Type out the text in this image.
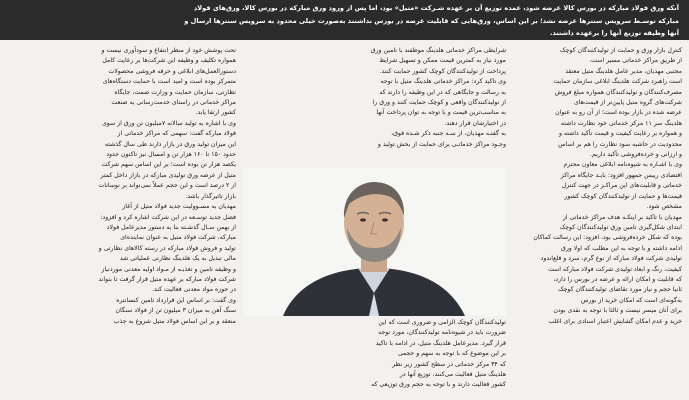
آنکه ورق فولاد مبارکه در بورس کالا عرضه شود، عمده توزیع آن بر عهده شـرکت «متیل» بود، اما پس از ورود ورق مبارکه در بورس کالا، ورق‌های فولاد
مبارکه توسـط سرویس سنترها عرضه نشد؛ بر این اساس، ورق‌هایی که قابلیت عرضه در بورس نداشتند به‌صورت خیلی محدود به سرویس سنترها ارسال و
آنها وظیفه توزیع آنها را برعهده داشتند.
کنترل بازار ورق و حمایت از تولیدکنندگان کوچک
از طریق مراکز خدماتی مسیر است.
مجتبی مهدیان، مدیر عامل هلدینگ متیل معتقد
است راهبرد شرکت هلدینگ ابلاغی سازمان حمایت
مصرف‌کنندگان و تولیدکنندگان همواره مبلغ فروش
شرکت‌های گروه متیل پایین‌تر از قیمت‌های
عرضه شده در بازار بوده است؛ از آن رو به عنوان
هلدینگ سر ۱۱ مرکز خدماتی خود نظارت داشته
و همواره بر رعایت کیفیت و قیمت تأکید داشته و
محدودیت در حاشیه سود نظارت را هم بر اساس
و ارزانی و خرده‌فروشی تأکید داریم.
وی با اشـاره به شیوه‌نامه ابلاغی معاون محترم
اقتصادی رییس جمهور افزود: بایـد جایگاه مراکز
خدماتی و قابلیت‌های این مراکـز در جهت کنترل
قیمت‌ها و حمایت از تولیدکنندگان کوچک کشور
مشخص شود.
مهدیان با تاکید بر اینکـه هدف مراکز خدماتی از
ابتدای شکل‌گیری تامین ورق تولیدکنندگان کوچک
بوده که شکل خرده‌فروشی بود، افزود: این رسالت کماکان
ادامه داشته و با توجه به این مطلب که اولا ورق
تولیدی شرکت فولاد مبارکه از نوع گرم، سرد و قلع‌اندود
کیفیت، رنگ و ابعاد تولیدی شرکت فولاد مبارکه است
که قابلیت و امکان ارائه و عرضه در بورس را دارد،
ثانیا حجم و نیاز مورد تقاضای تولیدکنندگان کوچک
به‌گونه‌ای است که امکان خرید از بورس
برای آنان میسر نیست و ثالثا با توجه به نقدی بودن
خرید و عدم امکان گشایش اعتبار اسنادی برای اغلب
شرایطی مراکز خدماتی هلدینگ موظفند با تامین ورق
مورد نیاز به کمترین قیمت ممکن و تسهیل شرایط
پرداخت از تولیدکنندگان کوچک کشور حمایت کنند.
وی تاکید کرد: مراکز خدماتی هلدینگ متیل با توجه
به رسالت و جایگاهی که در این وظیفه را دارند که
از تولیدکنندگان واقعی و کوچک حمایت کنند و ورق را
به مناسب‌ترین قیمت و با توجه به توان پرداخت آنها
در اختیارشان قرار دهند.
به گفتـه مهدیان، از سـه جنبه ذکر شـده فوق،
وجـود مراکز خدماتـی برای حمایت از بخش تولید و
تولیدکنندگان کوچک الزامی و ضروری است که این
ضرورت باید در شیوه‌نامه تولیدکنندگان، مورد توجه
قرار گیرد. مدیرعامل هلدینگ متیل، در ادامه با تاکید
بر این موضوع که با توجه به سهم و حجمی
که ۳۴ مرکز خدماتی در سطح کشور زیر نظر
هلدینگ متیل فعالیت می‌کنند، توزیع آنها در
کشور فعالیت دارند و با توجه به حجم ورق توزیعی که
تحت پوشش خود از منظر انتفاع و سودآوری نیست و
همواره تکلیف و وظیفه این شرکت‌ها بر رعایت کامل
دستورالعمل‌های ابلاغی و حرفه فروشی محصولات
متمرکز بوده است و امید است با حمایت دستگاه‌های
نظارتی، سازمان حمایت و وزارت صمت، جایگاه
مراکز خدماتی در راستای خدمت‌رسانی به صنعت
کشور ارتقا یابد.
وی با اشاره به تولید سالانه ۷میلیون تن ورق از سوی
فولاد مبارکه گفت: سهمی که مراکز خدماتی از
این میزان تولید ورق در بازار دارند طی سال گذشته
حدود ۱۵۰ تا ۱۶۰ هزار تن و امسال نیز تاکنون حدود
یکصد هزار تن بوده است؛ بر این اساس سهم شرکت
متیل از عرضه ورق تولیدی مبارکه در بازار داخل کمتر
از ۲ درصد است و این حجم عملاً نمی‌تواند بر نوسانات
بازار تاثیرگذار باشد.
مهدیان به مسـوولیت جدید فولاد متیل از آغاز
فصل جدید توسـعه در این شرکت اشاره کرد و افزود:
از بهمن سـال گذشـته بنا به دستور مدیرعامل فولاد
مبارکه، شرکت فولاد متیل به عنوان نماینده‌ای
تولید و فروش فولاد مبارکه در رسته کالاهای نظارتی و
مالی تبدیل به یک هلدینگ نظارتی عملیاتی شد
و وظیفه تامین و تغذیـه از مـواد اولیه معدنی موردنیاز
شرکت فولاد مبارکه بر عهده متیل قرار گرفت تا بتواند
در حوزه مواد معدنی فعالیت کند.
وی گفت: بر اساس این قرارداد تامین کنسانتره
سنگ آهن به میزان ۳ میلیون تن از فولاد سنگان
منعقد و بر این اساس فولاد متیل شروع به جذب
